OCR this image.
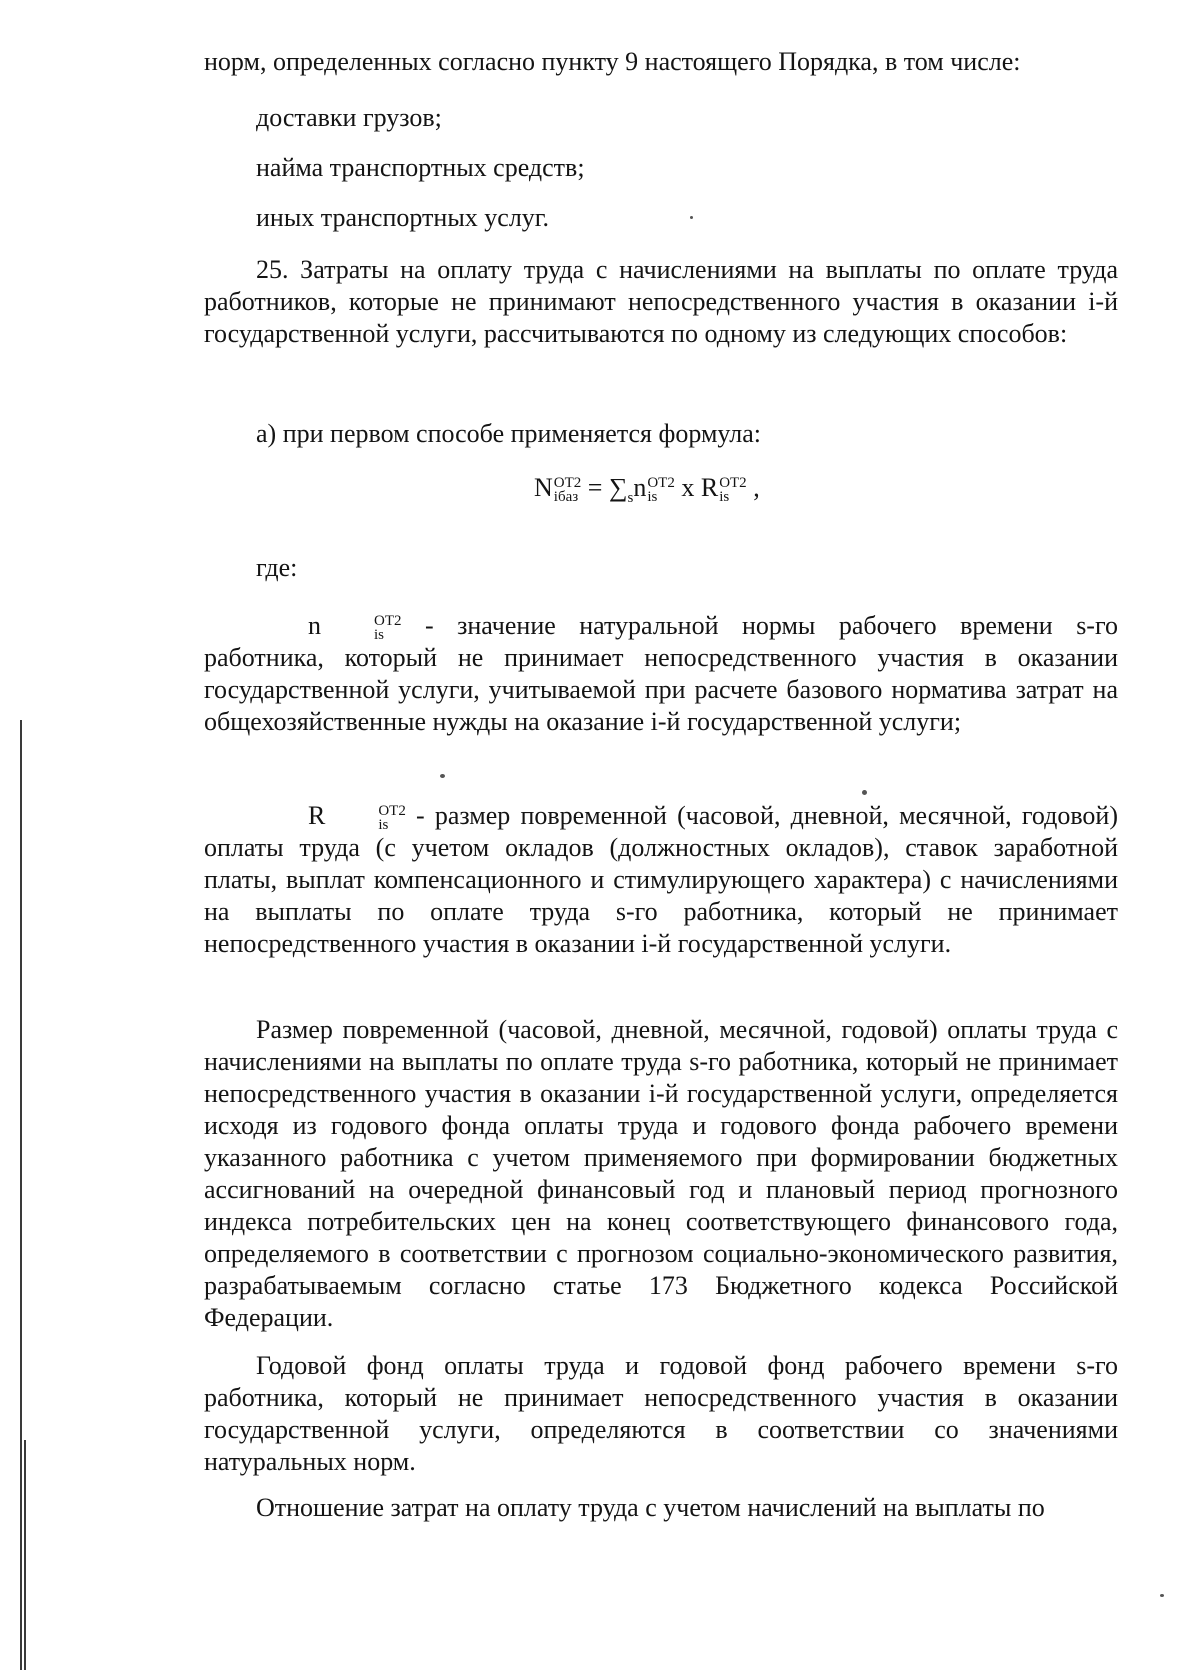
норм, определенных согласно пункту 9 настоящего Порядка, в том числе:

доставки грузов;

найма транспортных средств;

иных транспортных услуг.

25. Затраты на оплату труда с начислениями на выплаты по оплате труда работников, которые не принимают непосредственного участия в оказании i-й государственной услуги, рассчитываются по одному из следующих способов:

а) при первом способе применяется формула:

N ОТ2
iбаз = $\sum_sn$ ОТ2
is x R ОТ2
is ,

где:

n	ОТ2
is - значение натуральной нормы рабочего времени s-го работника, который не принимает непосредственного участия в оказании государственной услуги, учитываемой при расчете базового норматива затрат на общехозяйственные нужды на оказание i-й государственной услуги;

R	ОТ2
is - размер повременной (часовой, дневной, месячной, годовой) оплаты труда (с учетом окладов (должностных окладов), ставок заработной платы, выплат компенсационного и стимулирующего характера) с начислениями на выплаты по оплате труда s-го работника, который не принимает непосредственного участия в оказании i-й государственной услуги.

Размер повременной (часовой, дневной, месячной, годовой) оплаты труда с начислениями на выплаты по оплате труда s-го работника, который не принимает непосредственного участия в оказании i-й государственной услуги, определяется исходя из годового фонда оплаты труда и годового фонда рабочего времени указанного работника с учетом применяемого при формировании бюджетных ассигнований на очередной финансовый год и плановый период прогнозного индекса потребительских цен на конец соответствующего финансового года, определяемого в соответствии с прогнозом социально-экономического развития, разрабатываемым согласно статье 173 Бюджетного кодекса Российской Федерации.

Годовой фонд оплаты труда и годовой фонд рабочего времени s-го работника, который не принимает непосредственного участия в оказании государственной услуги, определяются в соответствии со значениями натуральных норм.

Отношение затрат на оплату труда с учетом начислений на выплаты по
